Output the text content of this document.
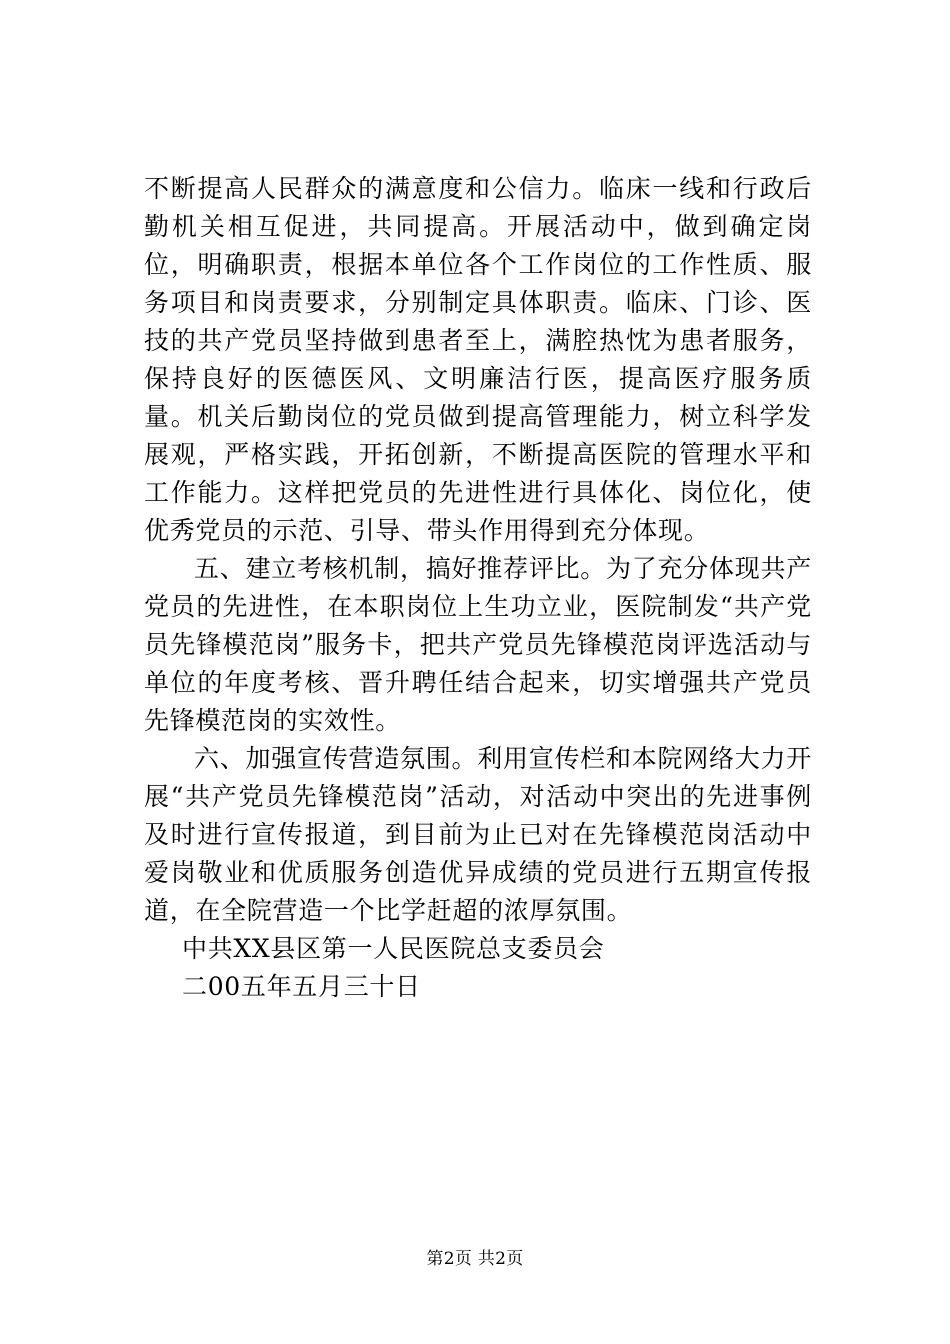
不断提高人民群众的满意度和公信力。临床一线和行政后勤机关相互促进，共同提高。开展活动中，做到确定岗位，明确职责，根据本单位各个工作岗位的工作性质、服务项目和岗责要求，分别制定具体职责。临床、门诊、医技的共产党员坚持做到患者至上，满腔热忱为患者服务，保持良好的医德医风、文明廉洁行医，提高医疗服务质量。机关后勤岗位的党员做到提高管理能力，树立科学发展观，严格实践，开拓创新，不断提高医院的管理水平和工作能力。这样把党员的先进性进行具体化、岗位化，使优秀党员的示范、引导、带头作用得到充分体现。

五、建立考核机制，搞好推荐评比。为了充分体现共产党员的先进性，在本职岗位上生功立业，医院制发“共产党员先锋模范岗”服务卡，把共产党员先锋模范岗评选活动与单位的年度考核、晋升聘任结合起来，切实增强共产党员先锋模范岗的实效性。

六、加强宣传营造氛围。利用宣传栏和本院网络大力开展“共产党员先锋模范岗”活动，对活动中突出的先进事例及时进行宣传报道，到目前为止已对在先锋模范岗活动中爱岗敬业和优质服务创造优异成绩的党员进行五期宣传报道，在全院营造一个比学赶超的浓厚氛围。

中共XX县区第一人民医院总支委员会

二00五年五月三十日

第2页 共2页
